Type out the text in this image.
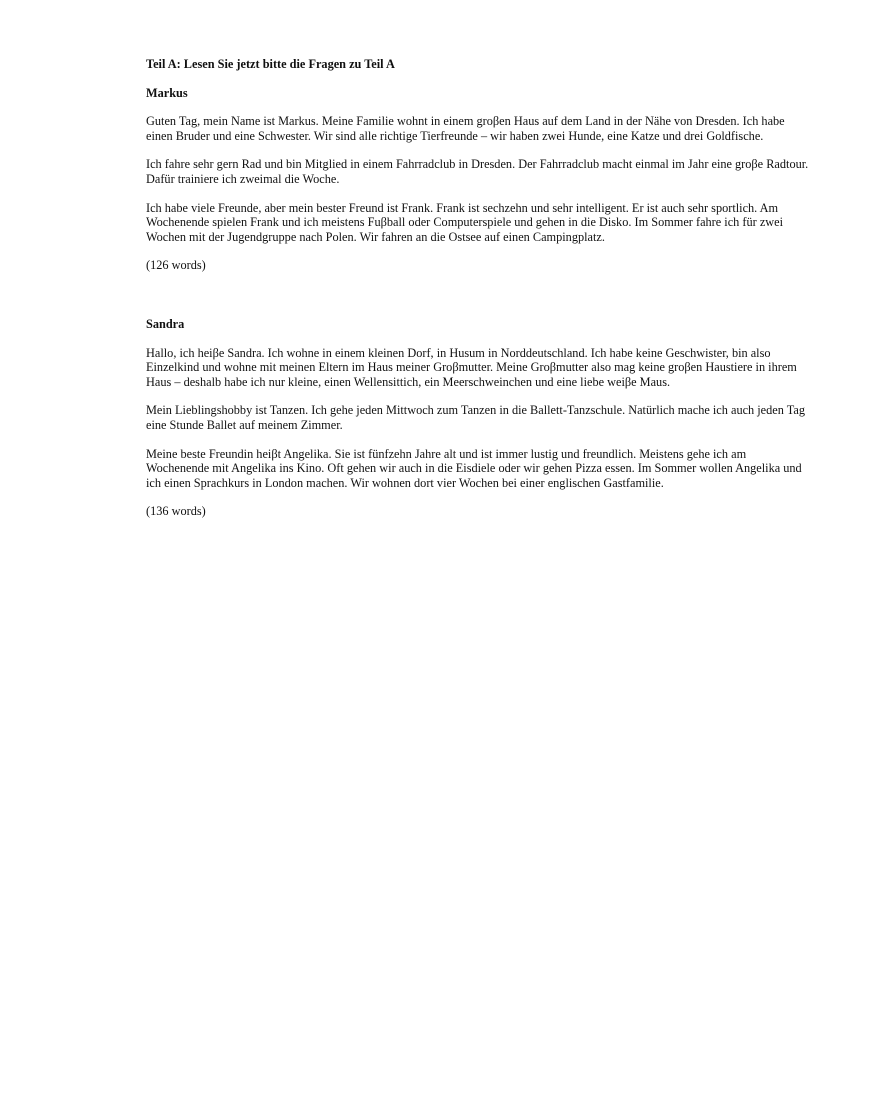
Teil A: Lesen Sie jetzt bitte die Fragen zu Teil A

Markus

Guten Tag, mein Name ist Markus. Meine Familie wohnt in einem groβen Haus auf dem Land in der Nähe von Dresden. Ich habe einen Bruder und eine Schwester. Wir sind alle richtige Tierfreunde – wir haben zwei Hunde, eine Katze und drei Goldfische.

Ich fahre sehr gern Rad und bin Mitglied in einem Fahrradclub in Dresden. Der Fahrradclub macht einmal im Jahr eine groβe Radtour. Dafür trainiere ich zweimal die Woche.

Ich habe viele Freunde, aber mein bester Freund ist Frank. Frank ist sechzehn und sehr intelligent. Er ist auch sehr sportlich. Am Wochenende spielen Frank und ich meistens Fuβball oder Computerspiele und gehen in die Disko. Im Sommer fahre ich für zwei Wochen mit der Jugendgruppe nach Polen. Wir fahren an die Ostsee auf einen Campingplatz.

(126 words)

Sandra

Hallo, ich heiβe Sandra. Ich wohne in einem kleinen Dorf, in Husum in Norddeutschland. Ich habe keine Geschwister, bin also Einzelkind und wohne mit meinen Eltern im Haus meiner Groβmutter. Meine Groβmutter also mag keine groβen Haustiere in ihrem Haus – deshalb habe ich nur kleine, einen Wellensittich, ein Meerschweinchen und eine liebe weiβe Maus.

Mein Lieblingshobby ist Tanzen. Ich gehe jeden Mittwoch zum Tanzen in die Ballett-Tanzschule. Natürlich mache ich auch jeden Tag eine Stunde Ballet auf meinem Zimmer.

Meine beste Freundin heiβt Angelika. Sie ist fünfzehn Jahre alt und ist immer lustig und freundlich. Meistens gehe ich am Wochenende mit Angelika ins Kino. Oft gehen wir auch in die Eisdiele oder wir gehen Pizza essen. Im Sommer wollen Angelika und ich einen Sprachkurs in London machen. Wir wohnen dort vier Wochen bei einer englischen Gastfamilie.

(136 words)
